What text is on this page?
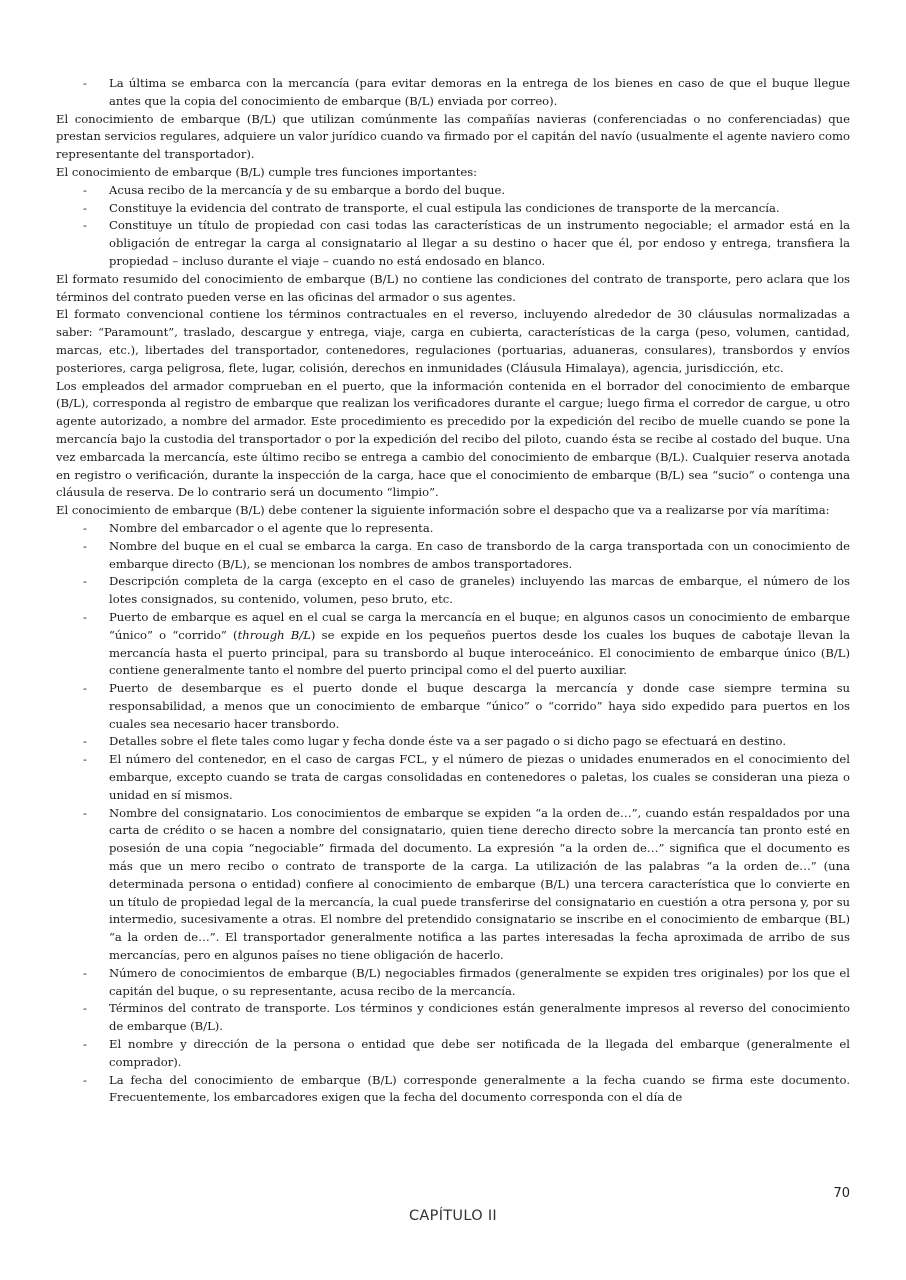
- La última se embarca con la mercancía (para evitar demoras en la entrega de los bienes en caso de que el buque llegue antes que la copia del conocimiento de embarque (B/L) enviada por correo).

El conocimiento de embarque (B/L) que utilizan comúnmente las compañías navieras (conferenciadas o no conferenciadas) que prestan servicios regulares, adquiere un valor jurídico cuando va firmado por el capitán del navío (usualmente el agente naviero como representante del transportador).

El conocimiento de embarque (B/L) cumple tres funciones importantes:

- Acusa recibo de la mercancía y de su embarque a bordo del buque.
- Constituye la evidencia del contrato de transporte, el cual estipula las condiciones de transporte de la mercancía.
- Constituye un título de propiedad con casi todas las características de un instrumento negociable; el armador está en la obligación de entregar la carga al consignatario al llegar a su destino o hacer que él, por endoso y entrega, transfiera la propiedad – incluso durante el viaje – cuando no está endosado en blanco.

El formato resumido del conocimiento de embarque (B/L) no contiene las condiciones del contrato de transporte, pero aclara que los términos del contrato pueden verse en las oficinas del armador o sus agentes.

El formato convencional contiene los términos contractuales en el reverso, incluyendo alrededor de 30 cláusulas normalizadas a saber: “Paramount”, traslado, descargue y entrega, viaje, carga en cubierta, características de la carga (peso, volumen, cantidad, marcas, etc.), libertades del transportador, contenedores, regulaciones (portuarias, aduaneras, consulares), transbordos y envíos posteriores, carga peligrosa, flete, lugar, colisión, derechos en inmunidades (Cláusula Himalaya), agencia, jurisdicción, etc.

Los empleados del armador comprueban en el puerto, que la información contenida en el borrador del conocimiento de embarque (B/L), corresponda al registro de embarque que realizan los verificadores durante el cargue; luego firma el corredor de cargue, u otro agente autorizado, a nombre del armador. Este procedimiento es precedido por la expedición del recibo de muelle cuando se pone la mercancía bajo la custodia del transportador o por la expedición del recibo del piloto, cuando ésta se recibe al costado del buque. Una vez embarcada la mercancía, este último recibo se entrega a cambio del conocimiento de embarque (B/L). Cualquier reserva anotada en registro o verificación, durante la inspección de la carga, hace que el conocimiento de embarque (B/L) sea “sucio” o contenga una cláusula de reserva. De lo contrario será un documento “limpio”.

El conocimiento de embarque (B/L) debe contener la siguiente información sobre el despacho que va a realizarse por vía marítima:

- Nombre del embarcador o el agente que lo representa.
- Nombre del buque en el cual se embarca la carga. En caso de transbordo de la carga transportada con un conocimiento de embarque directo (B/L), se mencionan los nombres de ambos transportadores.
- Descripción completa de la carga (excepto en el caso de graneles) incluyendo las marcas de embarque, el número de los lotes consignados, su contenido, volumen, peso bruto, etc.
- Puerto de embarque es aquel en el cual se carga la mercancía en el buque; en algunos casos un conocimiento de embarque “único” o “corrido” (through B/L) se expide en los pequeños puertos desde los cuales los buques de cabotaje llevan la mercancía hasta el puerto principal, para su transbordo al buque interoceánico. El conocimiento de embarque único (B/L) contiene generalmente tanto el nombre del puerto principal como el del puerto auxiliar.
- Puerto de desembarque es el puerto donde el buque descarga la mercancía y donde case siempre termina su responsabilidad, a menos que un conocimiento de embarque “único” o “corrido” haya sido expedido para puertos en los cuales sea necesario hacer transbordo.
- Detalles sobre el flete tales como lugar y fecha donde éste va a ser pagado o si dicho pago se efectuará en destino.
- El número del contenedor, en el caso de cargas FCL, y el número de piezas o unidades enumerados en el conocimiento del embarque, excepto cuando se trata de cargas consolidadas en contenedores o paletas, los cuales se consideran una pieza o unidad en sí mismos.
- Nombre del consignatario. Los conocimientos de embarque se expiden “a la orden de…”, cuando están respaldados por una carta de crédito o se hacen a nombre del consignatario, quien tiene derecho directo sobre la mercancía tan pronto esté en posesión de una copia “negociable” firmada del documento. La expresión “a la orden de…” significa que el documento es más que un mero recibo o contrato de transporte de la carga. La utilización de las palabras “a la orden de…” (una determinada persona o entidad) confiere al conocimiento de embarque (B/L) una tercera característica que lo convierte en un título de propiedad legal de la mercancía, la cual puede transferirse del consignatario en cuestión a otra persona y, por su intermedio, sucesivamente a otras. El nombre del pretendido consignatario se inscribe en el conocimiento de embarque (BL) “a la orden de…”. El transportador generalmente notifica a las partes interesadas la fecha aproximada de arribo de sus mercancías, pero en algunos países no tiene obligación de hacerlo.
- Número de conocimientos de embarque (B/L) negociables firmados (generalmente se expiden tres originales) por los que el capitán del buque, o su representante, acusa recibo de la mercancía.
- Términos del contrato de transporte. Los términos y condiciones están generalmente impresos al reverso del conocimiento de embarque (B/L).
- El nombre y dirección de la persona o entidad que debe ser notificada de la llegada del embarque (generalmente el comprador).
- La fecha del conocimiento de embarque (B/L) corresponde generalmente a la fecha cuando se firma este documento. Frecuentemente, los embarcadores exigen que la fecha del documento corresponda con el día de
70
CAPÍTULO II
